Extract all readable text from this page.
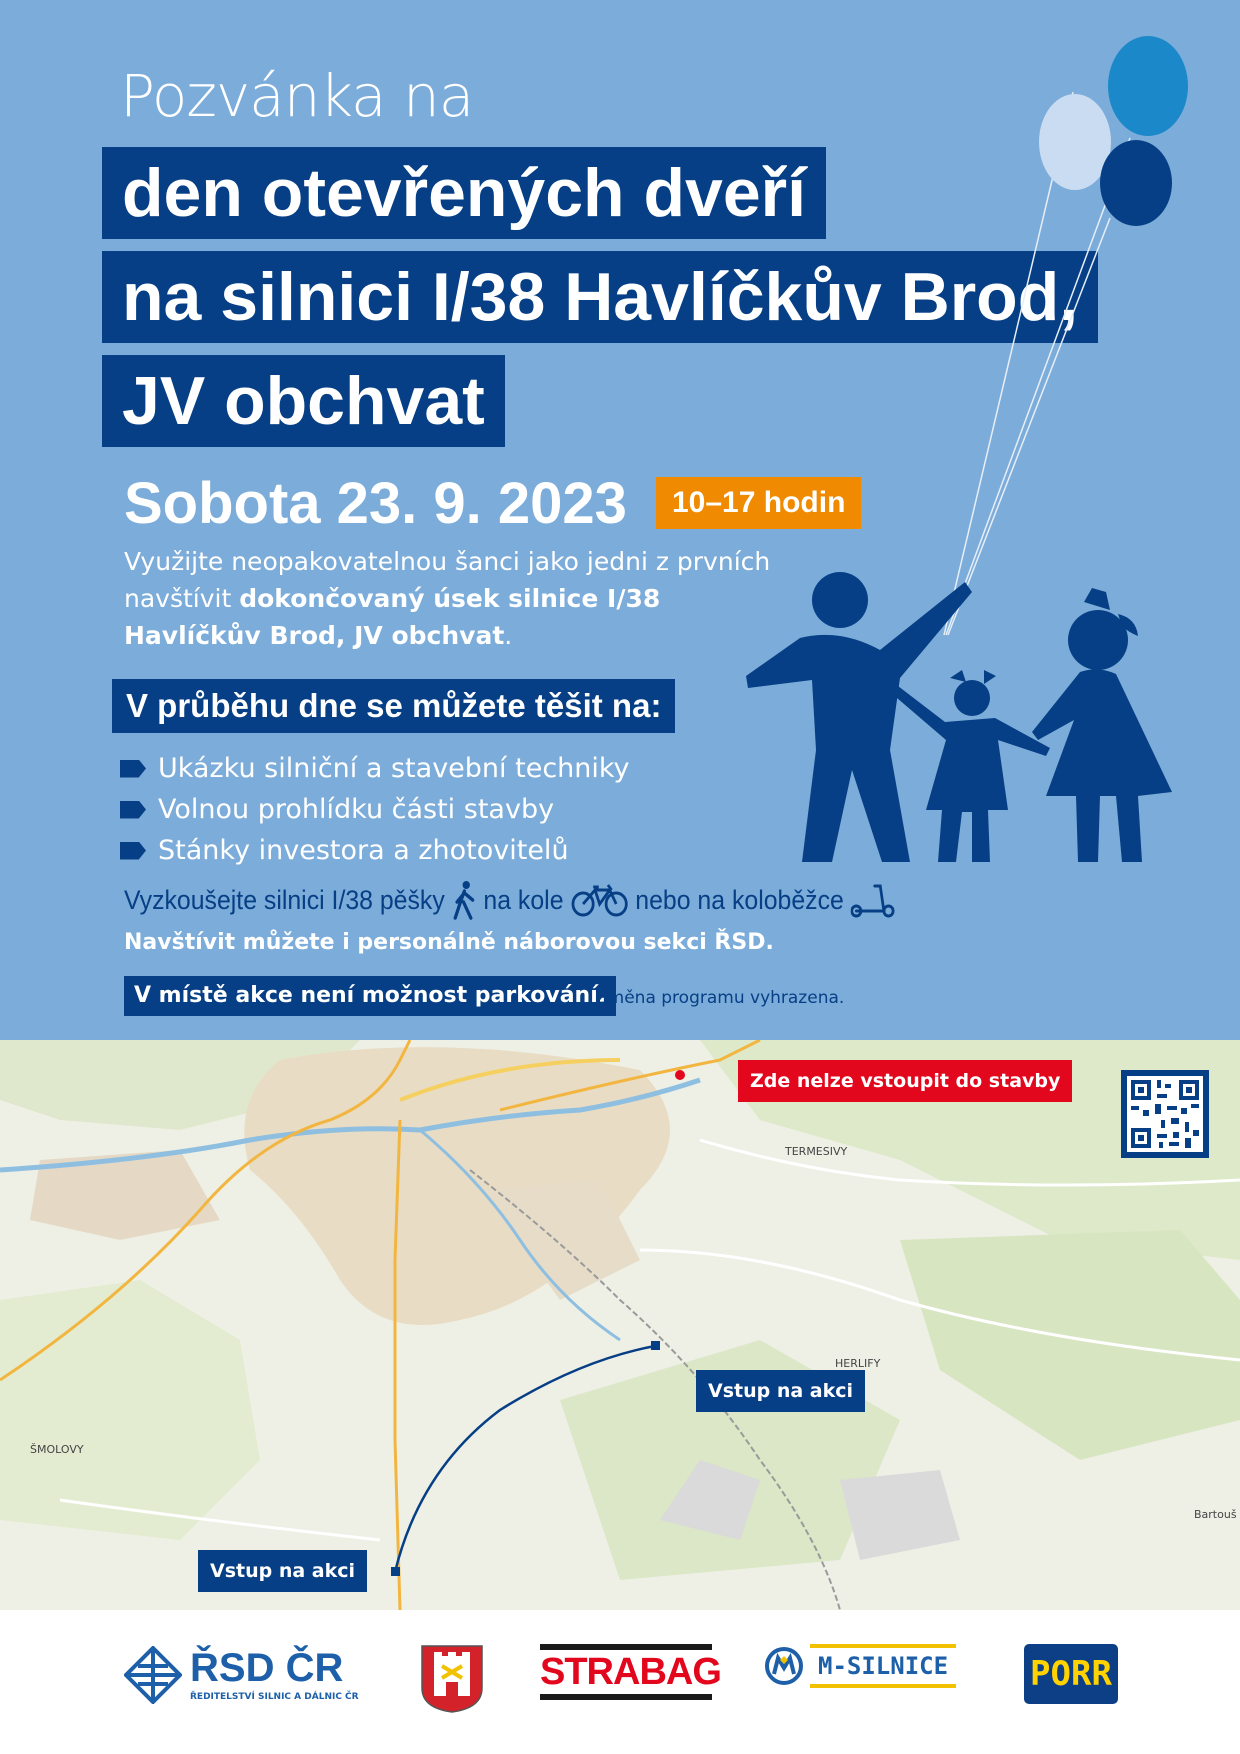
Pozvánka na
den otevřených dveří
na silnici I/38 Havlíčkův Brod,
JV obchvat
Sobota 23. 9. 2023	10–17 hodin
Využijte neopakovatelnou šanci jako jedni z prvních
navštívit dokončovaný úsek silnice I/38
Havlíčkův Brod, JV obchvat.
V průběhu dne se můžete těšit na:
Ukázku silniční a stavební techniky
Volnou prohlídku části stavby
Stánky investora a zhotovitelů
Vyzkoušejte silnici I/38 pěšky na kole	nebo na koloběžce
Navštívit můžete i personálně náborovou sekci ŘSD.
V místě akce není možnost parkování.
Změna programu vyhrazena.
TERMESIVY
HERLIFY
ŠMOLOVY
Bartouš
Zde nelze vstoupit do stavby
Vstup na akci
Vstup na akci
ŘSD ČR
ŘEDITELSTVÍ SILNIC A DÁLNIC ČR
STRABAG	M-SILNICE PORR
